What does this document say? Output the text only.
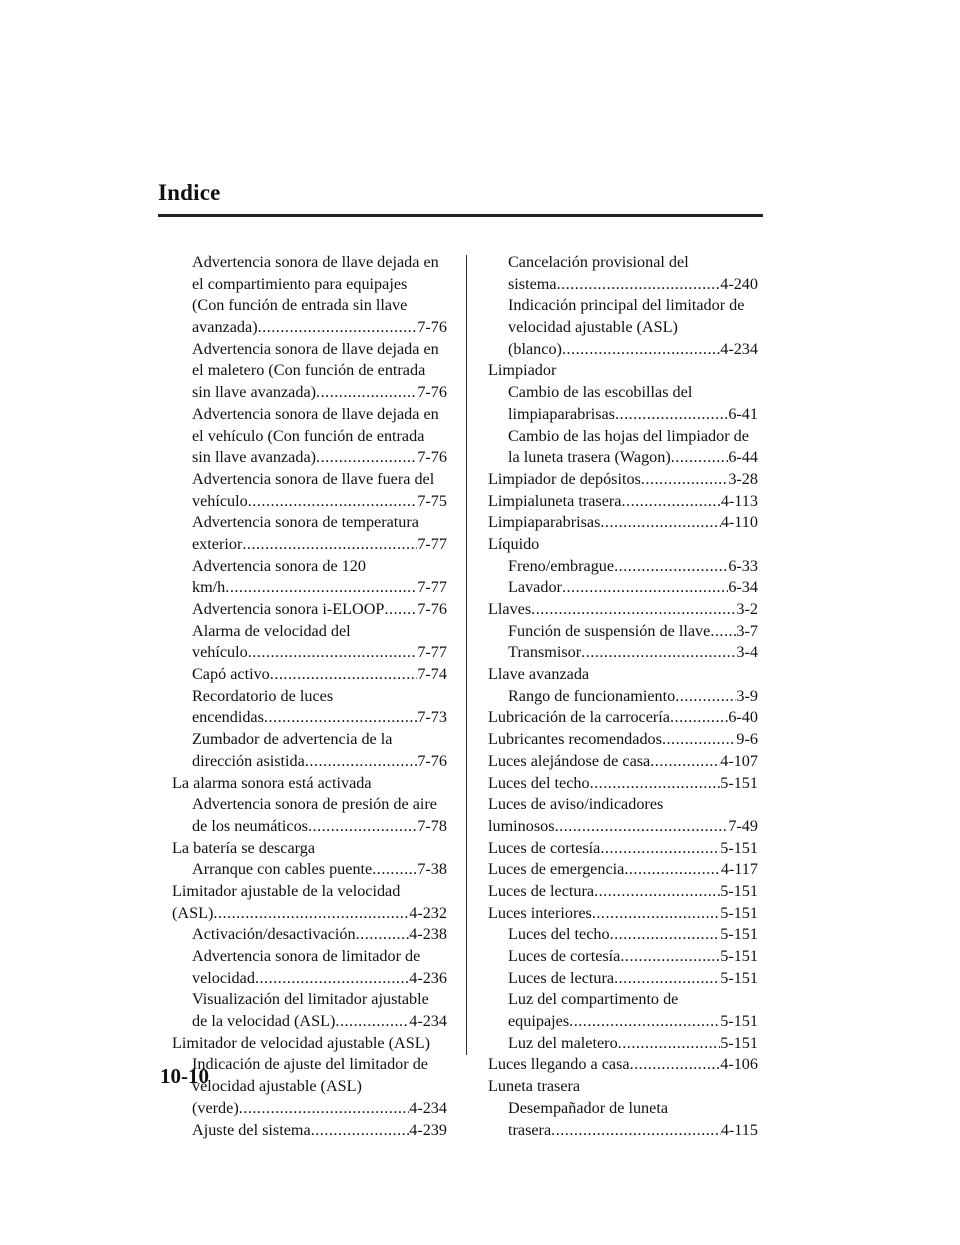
Indice
Advertencia sonora de llave dejada en
el compartimiento para equipajes
(Con función de entrada sin llave
avanzada) .....	7-76
Advertencia sonora de llave dejada en
el maletero (Con función de entrada
sin llave avanzada) .....	7-76
Advertencia sonora de llave dejada en
el vehículo (Con función de entrada
sin llave avanzada) .....	7-76
Advertencia sonora de llave fuera del
vehículo .....	7-75
Advertencia sonora de temperatura
exterior .....	7-77
Advertencia sonora de 120
km/h .....	7-77
Advertencia sonora i-ELOOP ..... 7-76
Alarma de velocidad del
vehículo .....	7-77
Capó activo .....	7-74
Recordatorio de luces
encendidas .....	7-73
Zumbador de advertencia de la
dirección asistida .....	7-76
La alarma sonora está activada
Advertencia sonora de presión de aire
de los neumáticos .....	7-78
La batería se descarga
Arranque con cables puente .....	7-38
Limitador ajustable de la velocidad
(ASL) .....	4-232
Activación/desactivación .....	4-238
Advertencia sonora de limitador de
velocidad .....	4-236
Visualización del limitador ajustable
de la velocidad (ASL) .....	4-234
Limitador de velocidad ajustable (ASL)
Indicación de ajuste del limitador de
velocidad ajustable (ASL)
(verde) .....	4-234
Ajuste del sistema .....	4-239
Cancelación provisional del
sistema .....	4-240
Indicación principal del limitador de
velocidad ajustable (ASL)
(blanco) .....	4-234
Limpiador
Cambio de las escobillas del
limpiaparabrisas .....	6-41
Cambio de las hojas del limpiador de
la luneta trasera (Wagon) .....	6-44
Limpiador de depósitos .....	3-28
Limpialuneta trasera .....	4-113
Limpiaparabrisas .....	4-110
Líquido
Freno/embrague .....	6-33
Lavador .....	6-34
Llaves .....	3-2
Función de suspensión de llave ..... 3-7
Transmisor .....	3-4
Llave avanzada
Rango de funcionamiento .....	3-9
Lubricación de la carrocería .....	6-40
Lubricantes recomendados .....	9-6
Luces alejándose de casa .....	4-107
Luces del techo .....	5-151
Luces de aviso/indicadores
luminosos .....	7-49
Luces de cortesía .....	5-151
Luces de emergencia .....	4-117
Luces de lectura .....	5-151
Luces interiores .....	5-151
Luces del techo .....	5-151
Luces de cortesía .....	5-151
Luces de lectura .....	5-151
Luz del compartimento de
equipajes .....	5-151
Luz del maletero .....	5-151
Luces llegando a casa .....	4-106
Luneta trasera
Desempañador de luneta
trasera .....	4-115
10-10
